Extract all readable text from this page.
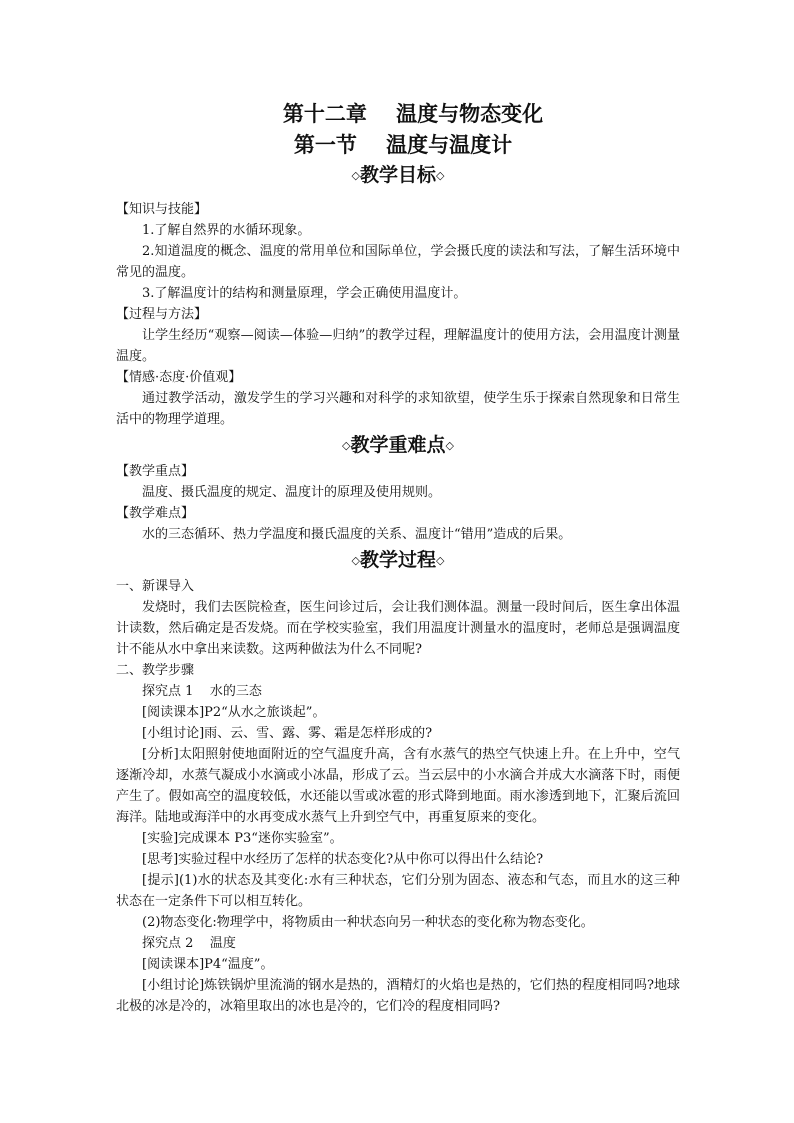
第十二章    温度与物态变化
第一节    温度与温度计
◇教学目标◇
【知识与技能】

1.了解自然界的水循环现象。

2.知道温度的概念、温度的常用单位和国际单位，学会摄氏度的读法和写法，了解生活环境中常见的温度。

3.了解温度计的结构和测量原理，学会正确使用温度计。

【过程与方法】

让学生经历“观察—阅读—体验—归纳”的教学过程，理解温度计的使用方法，会用温度计测量温度。

【情感·态度·价值观】

通过教学活动，激发学生的学习兴趣和对科学的求知欲望，使学生乐于探索自然现象和日常生活中的物理学道理。

◇教学重难点◇
【教学重点】

温度、摄氏温度的规定、温度计的原理及使用规则。

【教学难点】

水的三态循环、热力学温度和摄氏温度的关系、温度计“错用”造成的后果。

◇教学过程◇
一、新课导入

发烧时，我们去医院检查，医生问诊过后，会让我们测体温。测量一段时间后，医生拿出体温计读数，然后确定是否发烧。而在学校实验室，我们用温度计测量水的温度时，老师总是强调温度计不能从水中拿出来读数。这两种做法为什么不同呢?

二、教学步骤

探究点 1    水的三态

[阅读课本]P2“从水之旅谈起”。

[小组讨论]雨、云、雪、露、雾、霜是怎样形成的?

[分析]太阳照射使地面附近的空气温度升高，含有水蒸气的热空气快速上升。在上升中，空气逐渐冷却，水蒸气凝成小水滴或小冰晶，形成了云。当云层中的小水滴合并成大水滴落下时，雨便产生了。假如高空的温度较低，水还能以雪或冰雹的形式降到地面。雨水渗透到地下，汇聚后流回海洋。陆地或海洋中的水再变成水蒸气上升到空气中，再重复原来的变化。

[实验]完成课本 P3“迷你实验室”。

[思考]实验过程中水经历了怎样的状态变化?从中你可以得出什么结论?

[提示](1)水的状态及其变化:水有三种状态，它们分别为固态、液态和气态，而且水的这三种状态在一定条件下可以相互转化。

(2)物态变化:物理学中，将物质由一种状态向另一种状态的变化称为物态变化。

探究点 2    温度

[阅读课本]P4“温度”。

[小组讨论]炼铁锅炉里流淌的钢水是热的，酒精灯的火焰也是热的，它们热的程度相同吗?地球北极的冰是冷的，冰箱里取出的冰也是冷的，它们冷的程度相同吗?
